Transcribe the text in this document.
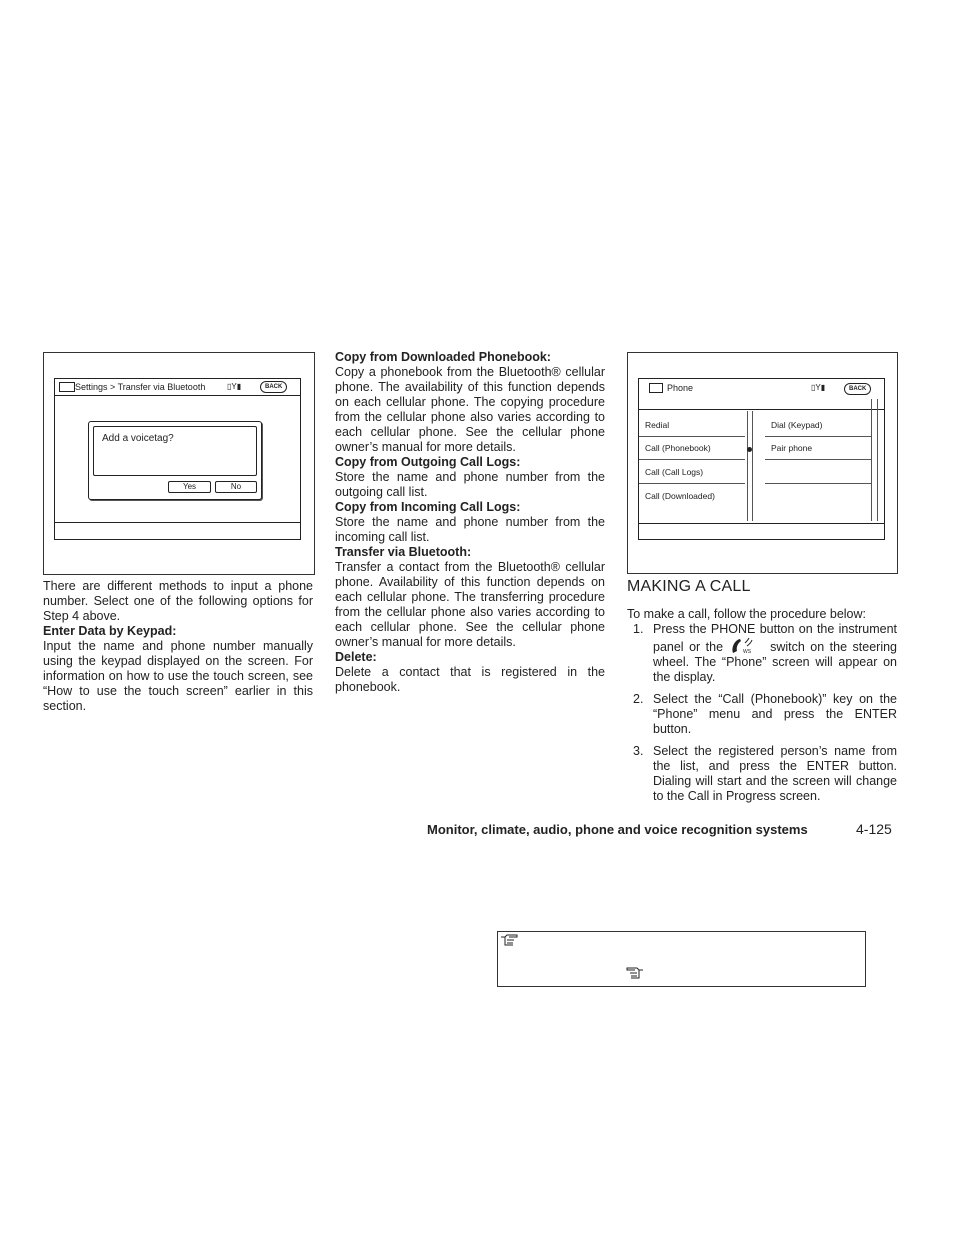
Settings > Transfer via Bluetooth	▯Y▮	BACK
Add a voicetag?
Yes	No

There are different methods to input a phone number. Select one of the following options for Step 4 above.

Enter Data by Keypad:

Input the name and phone number manually using the keypad displayed on the screen. For information on how to use the touch screen, see “How to use the touch screen” earlier in this section.

Copy from Downloaded Phonebook:

Copy a phonebook from the Bluetooth® cellular phone. The availability of this function depends on each cellular phone. The copying procedure from the cellular phone also varies according to each cellular phone. See the cellular phone owner’s manual for more details.

Copy from Outgoing Call Logs:

Store the name and phone number from the outgoing call list.

Copy from Incoming Call Logs:

Store the name and phone number from the incoming call list.

Transfer via Bluetooth:

Transfer a contact from the Bluetooth® cellular phone. Availability of this function depends on each cellular phone. The transferring procedure from the cellular phone also varies according to each cellular phone. See the cellular phone owner’s manual for more details.

Delete:

Delete a contact that is registered in the phonebook.

Phone	▯Y▮	BACK
Redial
Call (Phonebook)
Call (Call Logs)
Call (Downloaded)
Dial (Keypad)
Pair phone
MAKING A CALL

To make a call, follow the procedure below:

1. Press the PHONE button on the instrument panel or the	WS switch on the steering wheel. The “Phone” screen will appear on the display.
2. Select the “Call (Phonebook)” key on the “Phone” menu and press the ENTER button.
3. Select the registered person’s name from the list, and press the ENTER button. Dialing will start and the screen will change to the Call in Progress screen.
Monitor, climate, audio, phone and voice recognition systems	4-125
